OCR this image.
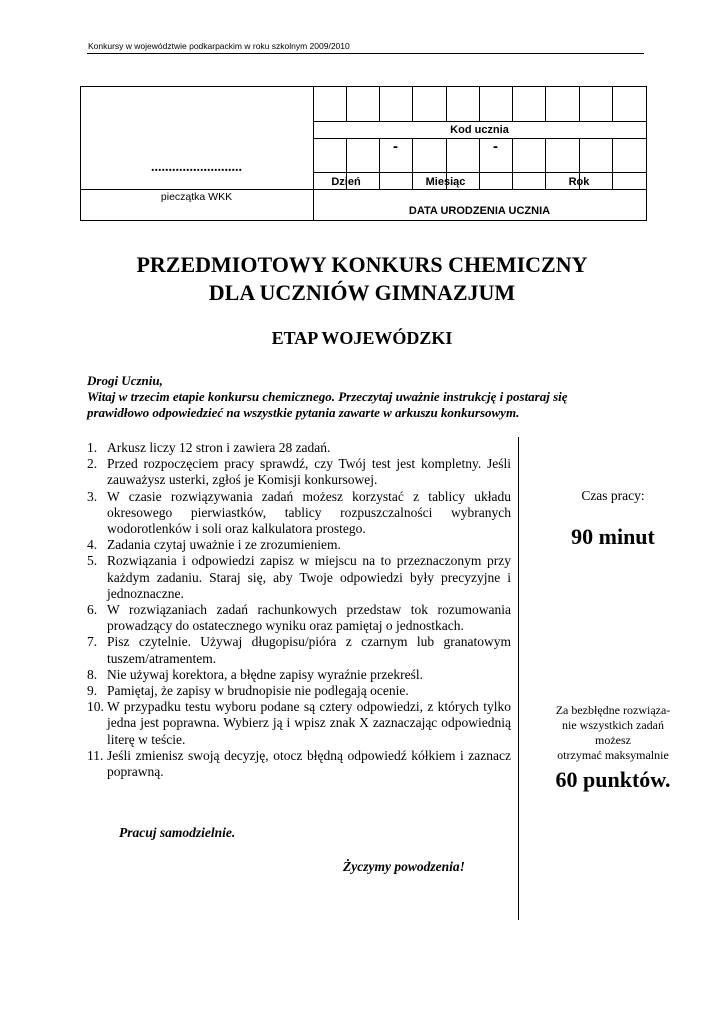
Konkursy w województwie podkarpackim w roku szkolnym 2009/2010
Kod ucznia
-	-
Dzień	Miesiąc	Rok
DATA URODZENIA UCZNIA
..........................
pieczątka WKK
PRZEDMIOTOWY KONKURS CHEMICZNY
DLA UCZNIÓW GIMNAZJUM
ETAP WOJEWÓDZKI
Drogi Uczniu,
Witaj w trzecim etapie konkursu chemicznego. Przeczytaj uważnie instrukcję i postaraj się
prawidłowo odpowiedzieć na wszystkie pytania zawarte w arkuszu konkursowym.
1. Arkusz liczy 12 stron i zawiera 28 zadań.
2. Przed rozpoczęciem pracy sprawdź, czy Twój test jest kompletny. Jeśli zauważysz usterki, zgłoś je Komisji konkursowej.
3. W czasie rozwiązywania zadań możesz korzystać z tablicy układu okresowego pierwiastków, tablicy rozpuszczalności wybranych wodorotlenków i soli oraz kalkulatora prostego.
4. Zadania czytaj uważnie i ze zrozumieniem.
5. Rozwiązania i odpowiedzi zapisz w miejscu na to przeznaczonym przy każdym zadaniu. Staraj się, aby Twoje odpowiedzi były precyzyjne i jednoznaczne.
6. W rozwiązaniach zadań rachunkowych przedstaw tok rozumowania prowadzący do ostatecznego wyniku oraz pamiętaj o jednostkach.
7. Pisz czytelnie. Używaj długopisu/pióra z czarnym lub granatowym tuszem/atramentem.
8. Nie używaj korektora, a błędne zapisy wyraźnie przekreśl.
9. Pamiętaj, że zapisy w brudnopisie nie podlegają ocenie.
10. W przypadku testu wyboru podane są cztery odpowiedzi, z których tylko jedna jest poprawna. Wybierz ją i wpisz znak X zaznaczając odpowiednią literę w teście.
11. Jeśli zmienisz swoją decyzję, otocz błędną odpowiedź kółkiem i zaznacz poprawną.
Pracuj samodzielnie.
Życzymy powodzenia!
Czas pracy:
90 minut
Za bezbłędne rozwiąza-
nie wszystkich zadań
możesz
otrzymać maksymalnie
60 punktów.
